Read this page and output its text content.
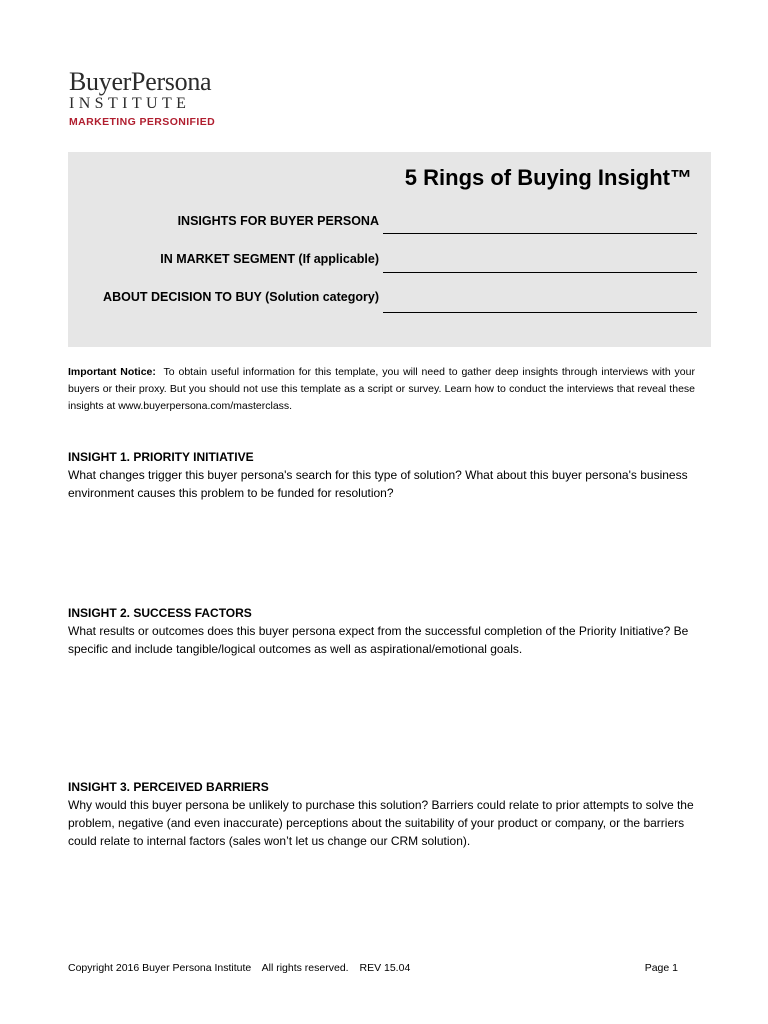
BuyerPersona
INSTITUTE
MARKETING PERSONIFIED
5 Rings of Buying Insight™
INSIGHTS FOR BUYER PERSONA
IN MARKET SEGMENT (If applicable)
ABOUT DECISION TO BUY (Solution category)
Important Notice: To obtain useful information for this template, you will need to gather deep insights through interviews with your buyers or their proxy. But you should not use this template as a script or survey. Learn how to conduct the interviews that reveal these insights at www.buyerpersona.com/masterclass.
INSIGHT 1. PRIORITY INITIATIVE
What changes trigger this buyer persona's search for this type of solution? What about this buyer persona's business environment causes this problem to be funded for resolution?
INSIGHT 2. SUCCESS FACTORS
What results or outcomes does this buyer persona expect from the successful completion of the Priority Initiative? Be specific and include tangible/logical outcomes as well as aspirational/emotional goals.
INSIGHT 3. PERCEIVED BARRIERS
Why would this buyer persona be unlikely to purchase this solution? Barriers could relate to prior attempts to solve the problem, negative (and even inaccurate) perceptions about the suitability of your product or company, or the barriers could relate to internal factors (sales won’t let us change our CRM solution).
Copyright 2016 Buyer Persona Institute All rights reserved. REV 15.04	Page 1
